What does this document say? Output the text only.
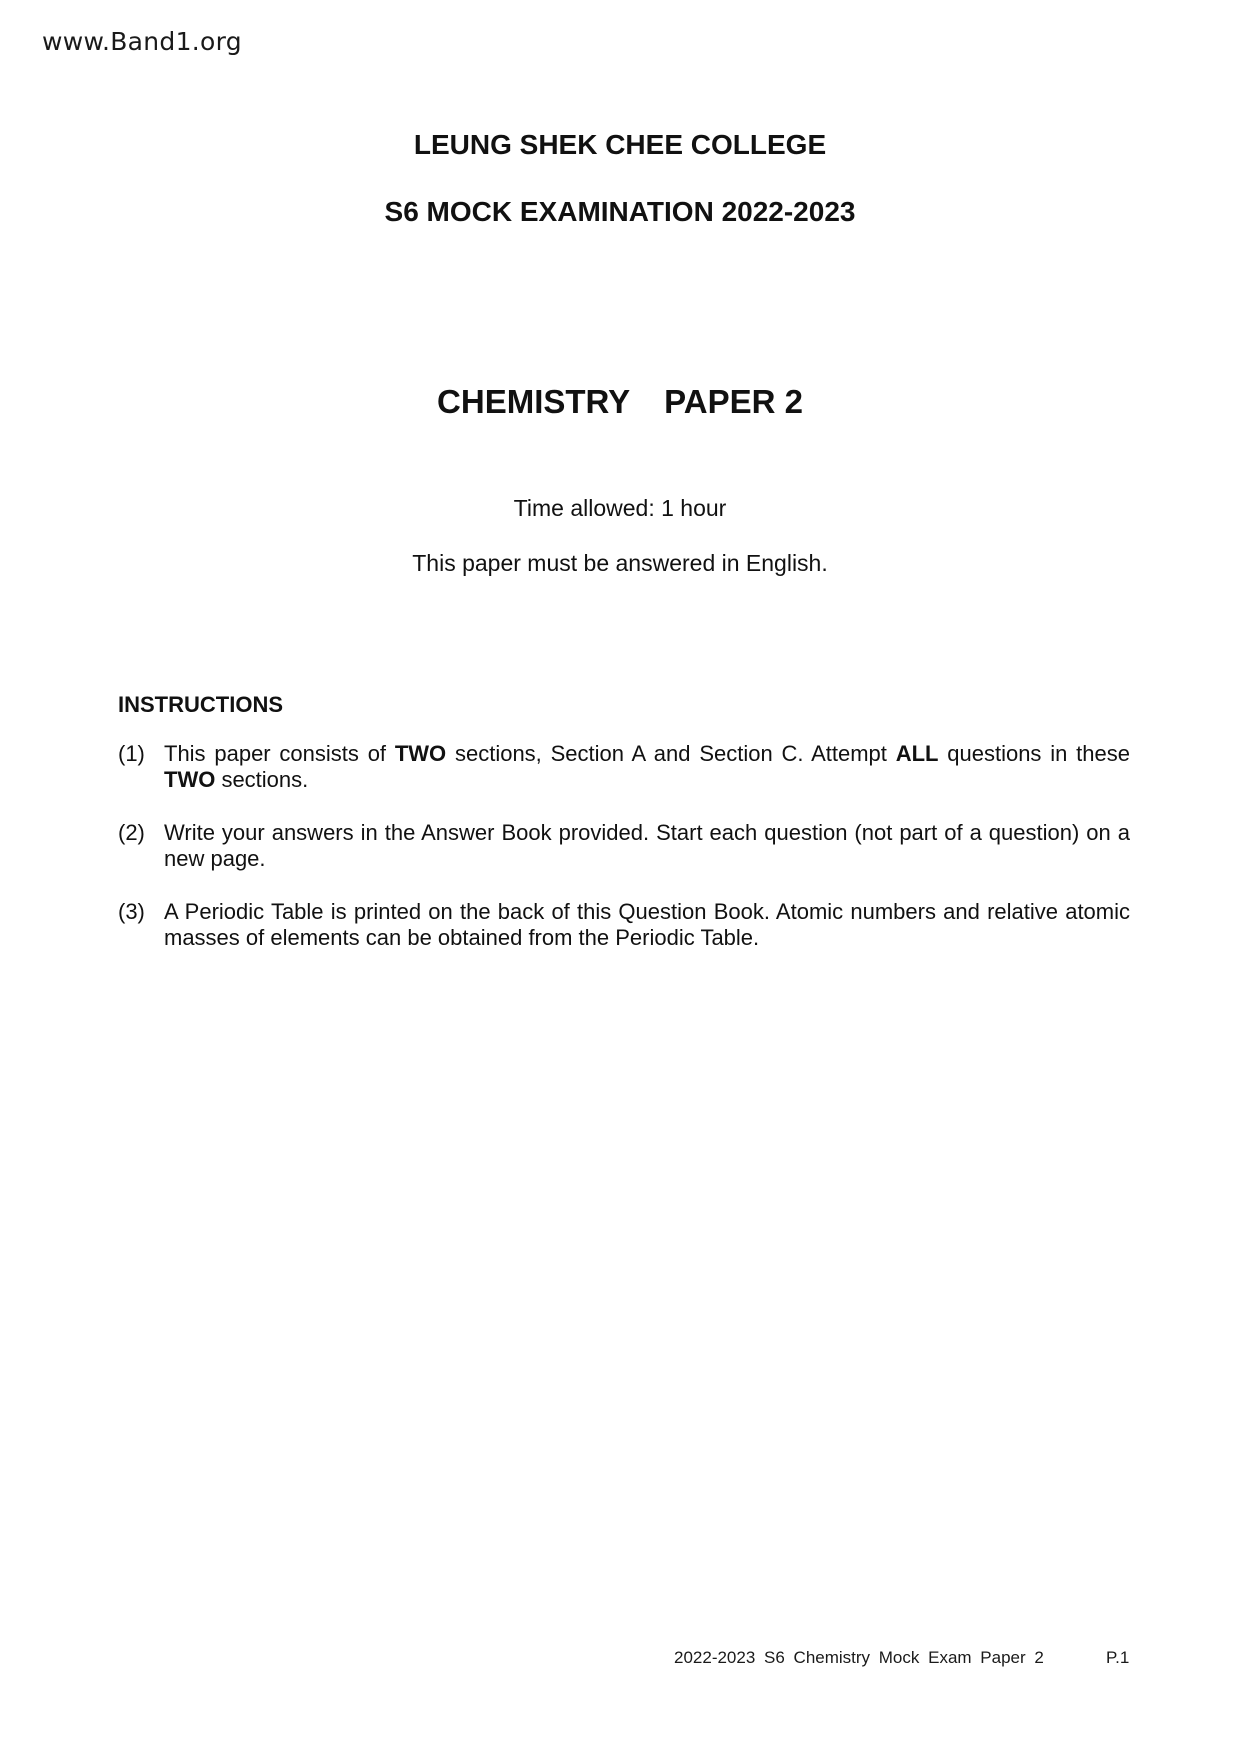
www.Band1.org
LEUNG SHEK CHEE COLLEGE
S6 MOCK EXAMINATION 2022-2023
CHEMISTRY PAPER 2
Time allowed: 1 hour
This paper must be answered in English.
INSTRUCTIONS
(1) This paper consists of TWO sections, Section A and Section C. Attempt ALL questions in these TWO sections.
(2) Write your answers in the Answer Book provided. Start each question (not part of a question) on a new page.
(3) A Periodic Table is printed on the back of this Question Book. Atomic numbers and relative atomic masses of elements can be obtained from the Periodic Table.
2022-2023 S6 Chemistry Mock Exam Paper 2	P.1
